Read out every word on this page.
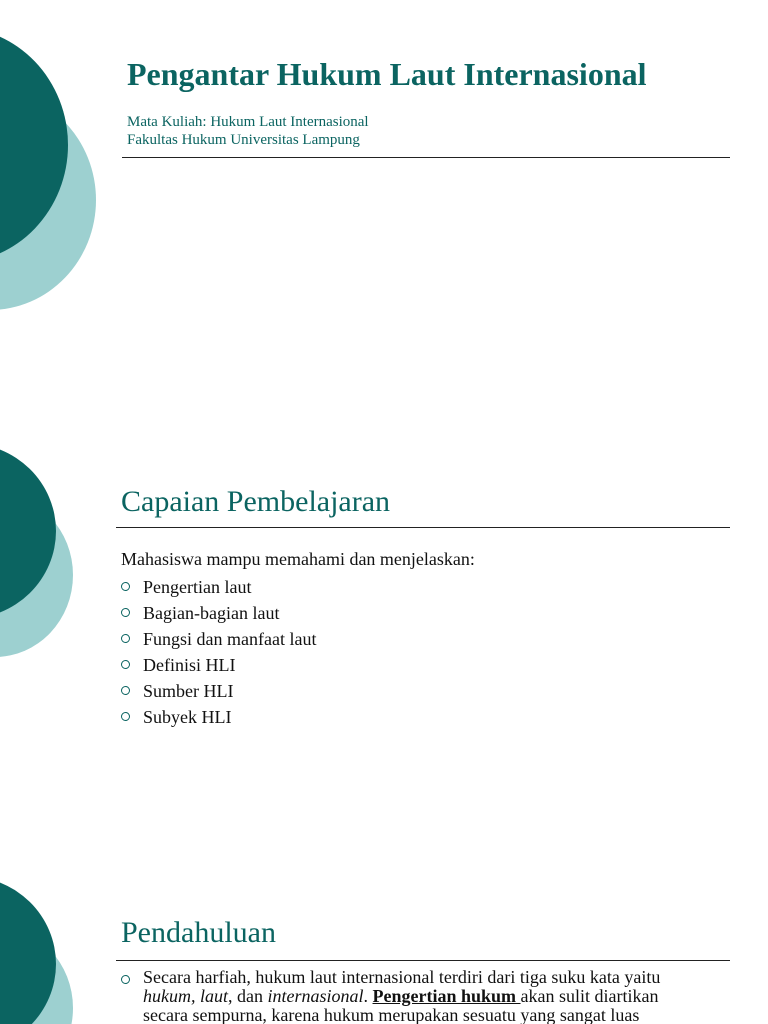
Pengantar Hukum Laut Internasional
Mata Kuliah: Hukum Laut Internasional
Fakultas Hukum Universitas Lampung
Capaian Pembelajaran
Mahasiswa mampu memahami dan menjelaskan:
Pengertian laut
Bagian-bagian laut
Fungsi dan manfaat laut
Definisi HLI
Sumber HLI
Subyek HLI
Pendahuluan
Secara harfiah, hukum laut internasional terdiri dari tiga suku kata yaitu
hukum, laut, dan internasional. Pengertian hukum akan sulit diartikan
secara sempurna, karena hukum merupakan sesuatu yang sangat luas
